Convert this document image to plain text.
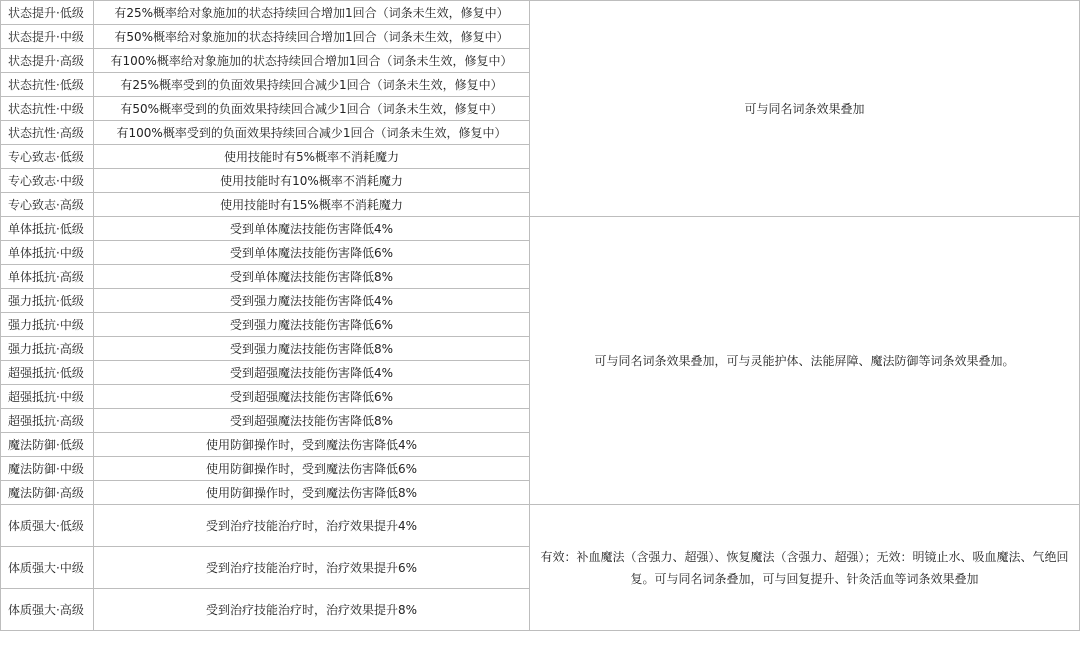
状态提升·低级	有25%概率给对象施加的状态持续回合增加1回合（词条未生效，修复中）	可与同名词条效果叠加
状态提升·中级	有50%概率给对象施加的状态持续回合增加1回合（词条未生效，修复中）	
状态提升·高级	有100%概率给对象施加的状态持续回合增加1回合（词条未生效，修复中）	
状态抗性·低级	有25%概率受到的负面效果持续回合减少1回合（词条未生效，修复中）	
状态抗性·中级	有50%概率受到的负面效果持续回合减少1回合（词条未生效，修复中）	
状态抗性·高级	有100%概率受到的负面效果持续回合减少1回合（词条未生效，修复中）	
专心致志·低级	使用技能时有5%概率不消耗魔力	
专心致志·中级	使用技能时有10%概率不消耗魔力	
专心致志·高级	使用技能时有15%概率不消耗魔力	
单体抵抗·低级	受到单体魔法技能伤害降低4%	可与同名词条效果叠加，可与灵能护体、法能屏障、魔法防御等词条效果叠加。
单体抵抗·中级	受到单体魔法技能伤害降低6%	
单体抵抗·高级	受到单体魔法技能伤害降低8%	
强力抵抗·低级	受到强力魔法技能伤害降低4%	
强力抵抗·中级	受到强力魔法技能伤害降低6%	
强力抵抗·高级	受到强力魔法技能伤害降低8%	
超强抵抗·低级	受到超强魔法技能伤害降低4%	
超强抵抗·中级	受到超强魔法技能伤害降低6%	
超强抵抗·高级	受到超强魔法技能伤害降低8%	
魔法防御·低级	使用防御操作时，受到魔法伤害降低4%	
魔法防御·中级	使用防御操作时，受到魔法伤害降低6%	
魔法防御·高级	使用防御操作时，受到魔法伤害降低8%	
体质强大·低级	受到治疗技能治疗时，治疗效果提升4%	有效：补血魔法（含强力、超强）、恢复魔法（含强力、超强）；无效：明镜止水、吸血魔法、气绝回复。可与同名词条叠加，可与回复提升、针灸活血等词条效果叠加
体质强大·中级	受到治疗技能治疗时，治疗效果提升6%	
体质强大·高级	受到治疗技能治疗时，治疗效果提升8%	
